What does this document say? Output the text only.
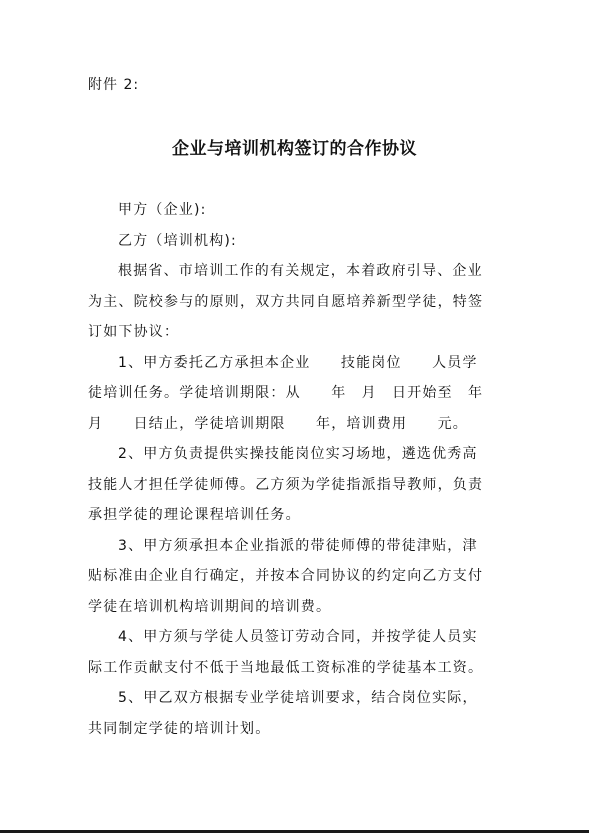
附件 2:
企业与培训机构签订的合作协议
甲方（企业):
乙方（培训机构):
根据省、市培训工作的有关规定，本着政府引导、企业
为主、院校参与的原则，双方共同自愿培养新型学徒，特签
订如下协议：
1、甲方委托乙方承担本企业　　技能岗位　　人员学
徒培训任务。学徒培训期限：从　　年　月　日开始至　年
月　　日结止，学徒培训期限　　年，培训费用　　元。
2、甲方负责提供实操技能岗位实习场地，遴选优秀高
技能人才担任学徒师傅。乙方须为学徒指派指导教师，负责
承担学徒的理论课程培训任务。
3、甲方须承担本企业指派的带徒师傅的带徒津贴，津
贴标准由企业自行确定，并按本合同协议的约定向乙方支付
学徒在培训机构培训期间的培训费。
4、甲方须与学徒人员签订劳动合同，并按学徒人员实
际工作贡献支付不低于当地最低工资标准的学徒基本工资。
5、甲乙双方根据专业学徒培训要求，结合岗位实际，
共同制定学徒的培训计划。
